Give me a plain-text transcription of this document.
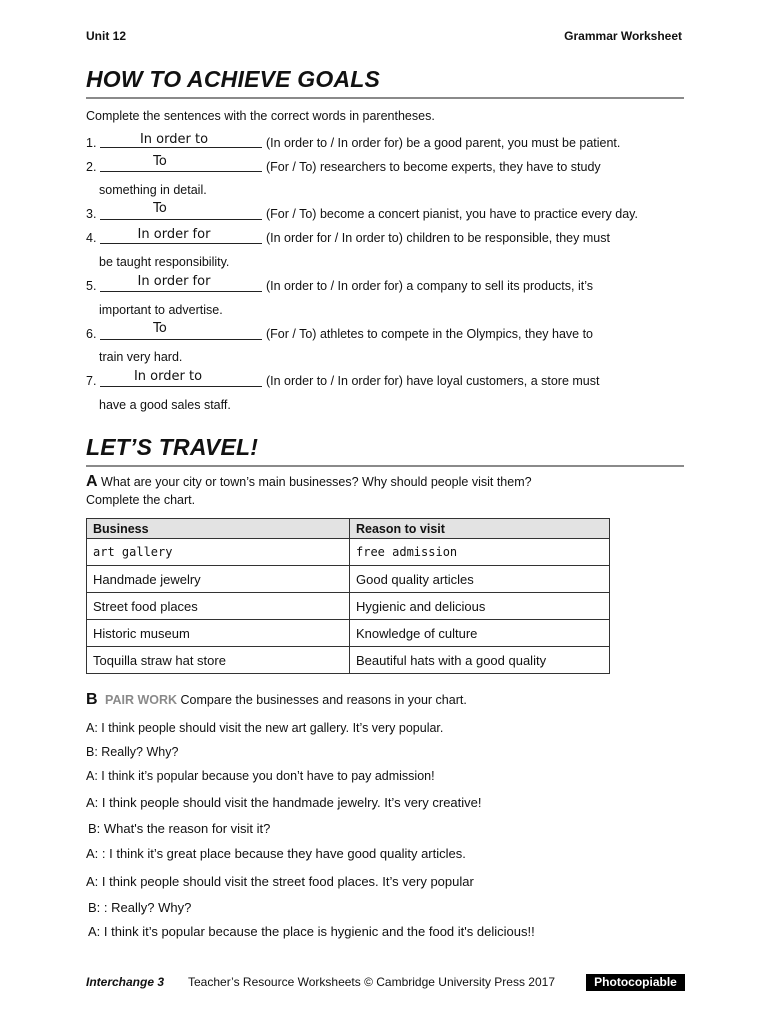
Unit 12	Grammar Worksheet
HOW TO ACHIEVE GOALS
Complete the sentences with the correct words in parentheses.
1.	In order to	(In order to / In order for) be a good parent, you must be patient.
2.	To	(For / To) researchers to become experts, they have to study
something in detail.
3.	To	(For / To) become a concert pianist, you have to practice every day.
4.	In order for	(In order for / In order to) children to be responsible, they must
be taught responsibility.
5.	In order for	(In order to / In order for) a company to sell its products, it’s
important to advertise.
6.	To	(For / To) athletes to compete in the Olympics, they have to
train very hard.
7.	In order to	(In order to / In order for) have loyal customers, a store must
have a good sales staff.
LET’S TRAVEL!
A What are your city or town’s main businesses? Why should people visit them?
Complete the chart.
Business	Reason to visit
art gallery	free admission
Handmade jewelry	Good quality articles
Street food places	Hygienic and delicious
Historic museum	Knowledge of culture
Toquilla straw hat store	Beautiful hats with a good quality
B PAIR WORK Compare the businesses and reasons in your chart.
A: I think people should visit the new art gallery. It’s very popular.
B: Really? Why?
A: I think it’s popular because you don’t have to pay admission!
A: I think people should visit the handmade jewelry. It’s very creative!
B: What's the reason for visit it?
A: : I think it’s great place because they have good quality articles.
A: I think people should visit the street food places. It’s very popular
B: : Really? Why?
A: I think it’s popular because the place is hygienic and the food it's delicious!!
Interchange 3 Teacher’s Resource Worksheets © Cambridge University Press 2017	Photocopiable
